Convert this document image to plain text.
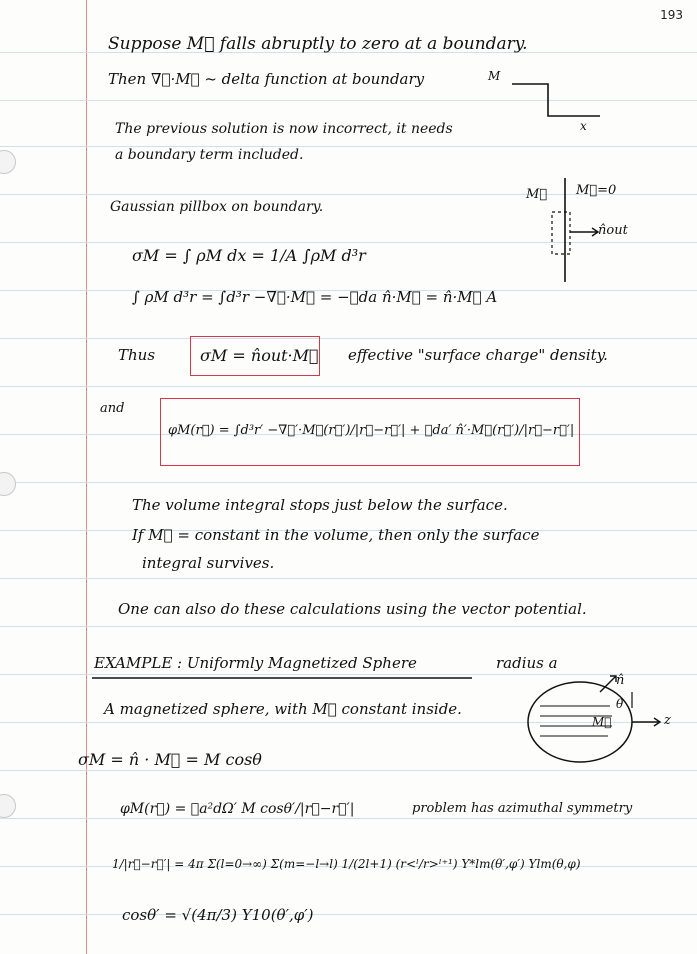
193
Suppose M⃗ falls abruptly to zero at a boundary.
Then ∇⃗·M⃗ ~ delta function at boundary	M
x
The previous solution is now incorrect, it needs
a boundary term included.
Gaussian pillbox on boundary.
M⃗ M⃗=0
n̂out
σM = ∫ ρM dx = 1/A ∫ρM d³r
∫ ρM d³r = ∫d³r −∇⃗·M⃗ = −∮da n̂·M⃗ = n̂·M⃗ A
Thus	σM = n̂out·M⃗ effective "surface charge" density.
and
φM(r⃗) = ∫d³r′ −∇⃗′·M⃗(r⃗′)/|r⃗−r⃗′| + ∮da′ n̂′·M⃗(r⃗′)/|r⃗−r⃗′|
The volume integral stops just below the surface.
If M⃗ = constant in the volume, then only the surface
integral survives.
One can also do these calculations using the vector potential.
EXAMPLE : Uniformly Magnetized Sphere	radius a
A magnetized sphere, with M⃗ constant inside.
n̂
θ
z
M⃗
σM = n̂ · M⃗ = M cosθ
φM(r⃗) = ∮a²dΩ′ M cosθ′/|r⃗−r⃗′|	problem has azimuthal symmetry
1/|r⃗−r⃗′| = 4π Σ(l=0→∞) Σ(m=−l→l) 1/(2l+1) (r<ˡ/r>ˡ⁺¹) Y*lm(θ′,φ′) Ylm(θ,φ)
cosθ′ = √(4π/3) Y10(θ′,φ′)
